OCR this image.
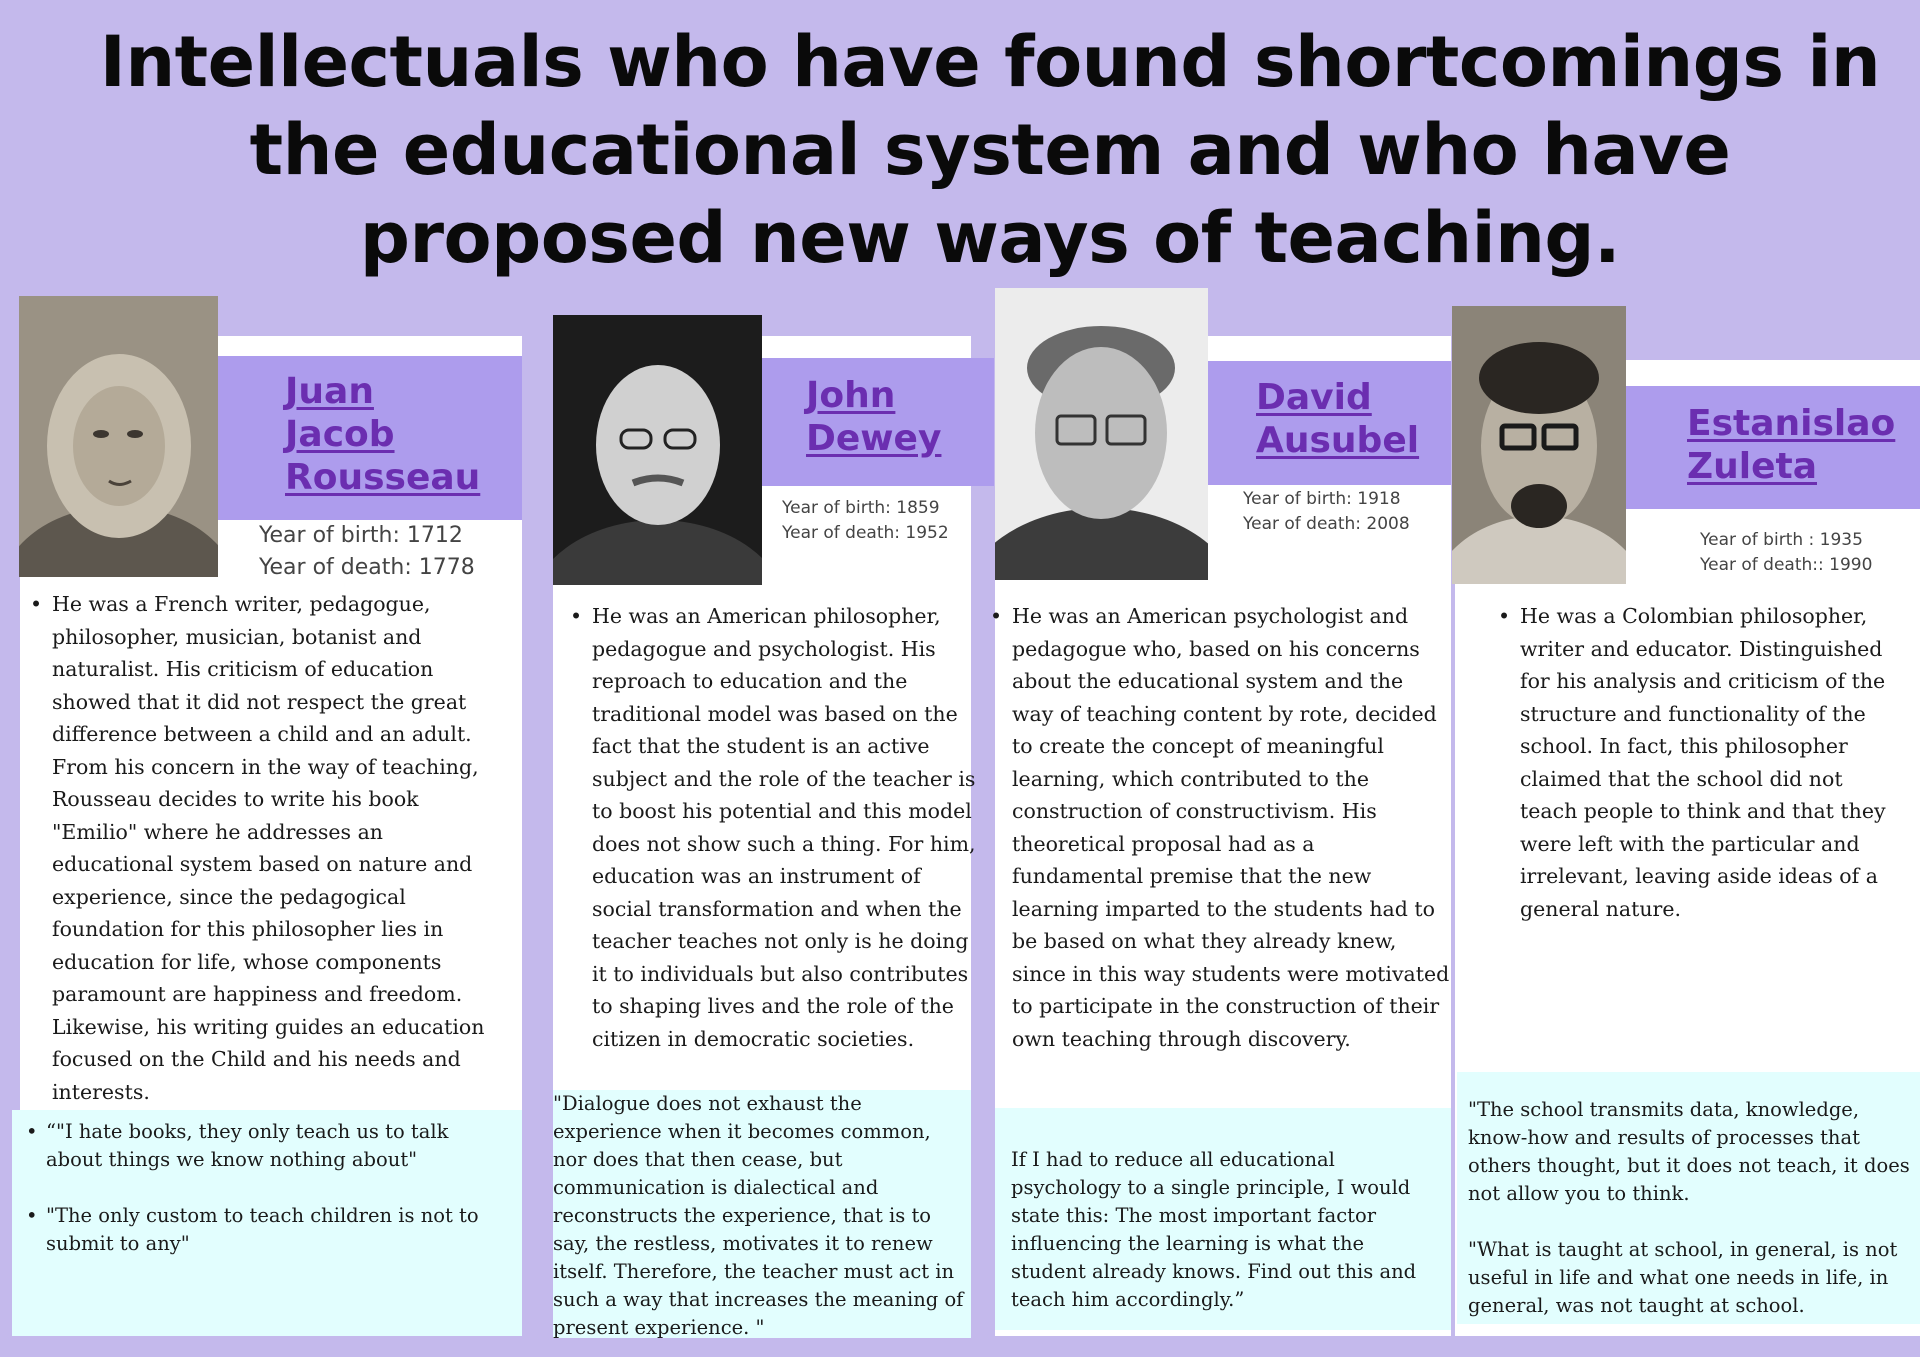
Intellectuals who have found shortcomings in the educational system and who have proposed new ways of teaching.

Juan
Jacob
Rousseau

Year of birth: 1712
Year of death: 1778

• He was a French writer, pedagogue, philosopher, musician, botanist and naturalist. His criticism of education showed that it did not respect the great difference between a child and an adult. From his concern in the way of teaching, Rousseau decides to write his book "Emilio" where he addresses an educational system based on nature and experience, since the pedagogical foundation for this philosopher lies in education for life, whose components paramount are happiness and freedom. Likewise, his writing guides an education focused on the Child and his needs and interests.
• “"I hate books, they only teach us to talk about things we know nothing about"
• "The only custom to teach children is not to submit to any"

John
Dewey

Year of birth: 1859
Year of death: 1952

• He was an American philosopher, pedagogue and psychologist. His reproach to education and the traditional model was based on the fact that the student is an active subject and the role of the teacher is to boost his potential and this model does not show such a thing. For him, education was an instrument of social transformation and when the teacher teaches not only is he doing it to individuals but also contributes to shaping lives and the role of the citizen in democratic societies.

"Dialogue does not exhaust the experience when it becomes common, nor does that then cease, but communication is dialectical and reconstructs the experience, that is to say, the restless, motivates it to renew itself. Therefore, the teacher must act in such a way that increases the meaning of present experience. "

David
Ausubel

Year of birth: 1918
Year of death: 2008

• He was an American psychologist and pedagogue who, based on his concerns about the educational system and the way of teaching content by rote, decided to create the concept of meaningful learning, which contributed to the construction of constructivism. His theoretical proposal had as a fundamental premise that the new learning imparted to the students had to be based on what they already knew, since in this way students were motivated to participate in the construction of their own teaching through discovery.

If I had to reduce all educational psychology to a single principle, I would state this: The most important factor influencing the learning is what the student already knows. Find out this and teach him accordingly.”

Estanislao
Zuleta

Year of birth : 1935
Year of death:: 1990

• He was a Colombian philosopher, writer and educator. Distinguished for his analysis and criticism of the structure and functionality of the school. In fact, this philosopher claimed that the school did not teach people to think and that they were left with the particular and irrelevant, leaving aside ideas of a general nature.

"The school transmits data, knowledge, know-how and results of processes that others thought, but it does not teach, it does not allow you to think.

"What is taught at school, in general, is not useful in life and what one needs in life, in general, was not taught at school.
